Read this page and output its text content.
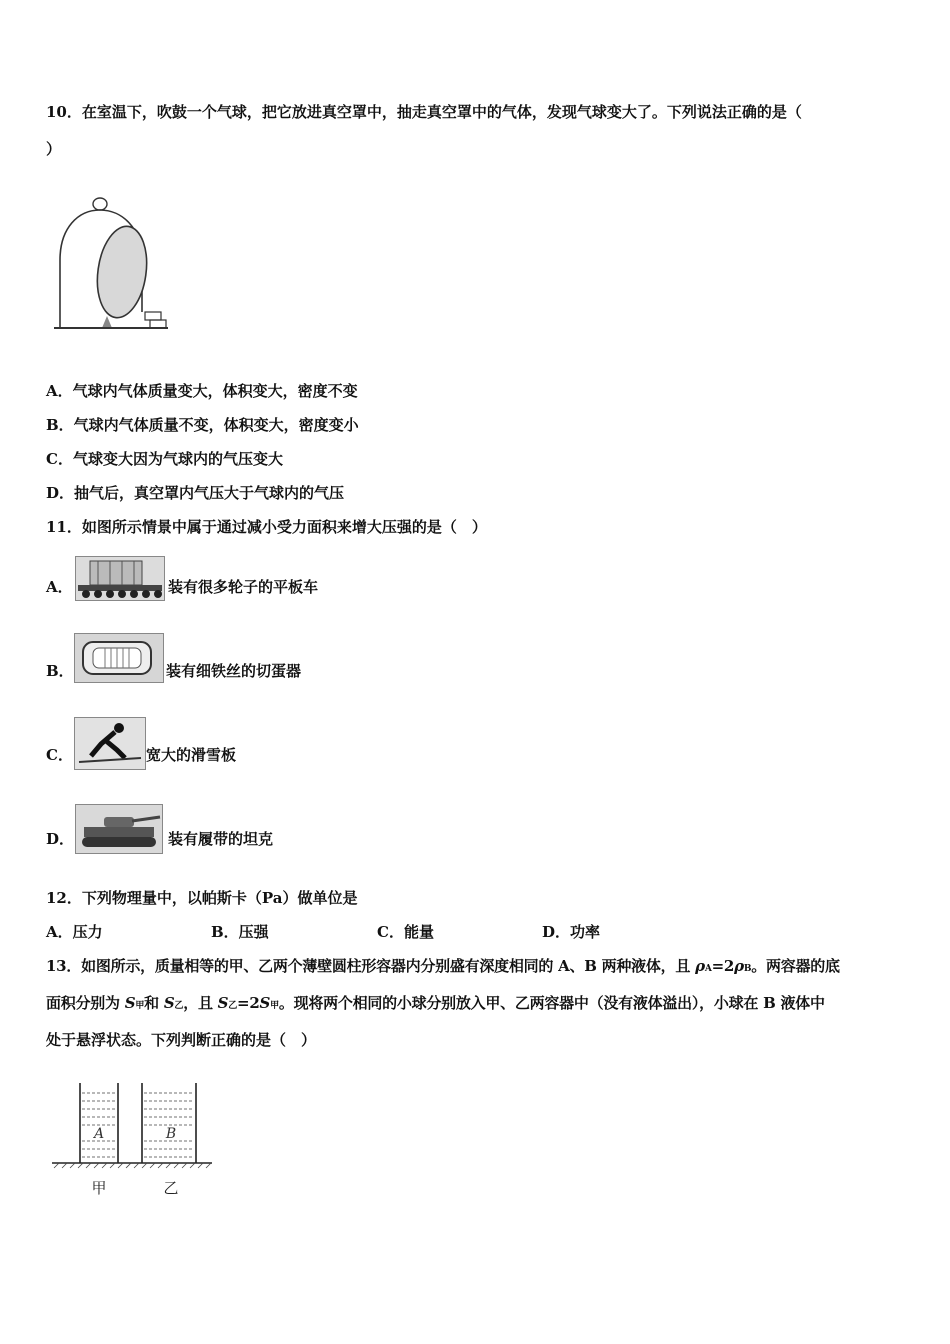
10．在室温下，吹鼓一个气球，把它放进真空罩中，抽走真空罩中的气体，发现气球变大了。下列说法正确的是（
）
A．气球内气体质量变大，体积变大，密度不变
B．气球内气体质量不变，体积变大，密度变小
C．气球变大因为气球内的气压变大
D．抽气后，真空罩内气压大于气球内的气压
11．如图所示情景中属于通过减小受力面积来增大压强的是（　）
A．	装有很多轮子的平板车
B．	装有细铁丝的切蛋器
C．	宽大的滑雪板
D．	装有履带的坦克
12．下列物理量中，以帕斯卡（Pa）做单位是
A．压力	B．压强	C．能量	D．功率
13．如图所示，质量相等的甲、乙两个薄壁圆柱形容器内分别盛有深度相同的 A、B 两种液体，且 ρA=2ρB。两容器的底
面积分别为 S甲和 S乙，且 S乙=2S甲。现将两个相同的小球分别放入甲、乙两容器中（没有液体溢出），小球在 B 液体中
处于悬浮状态。下列判断正确的是（　）
A	B
甲	乙
